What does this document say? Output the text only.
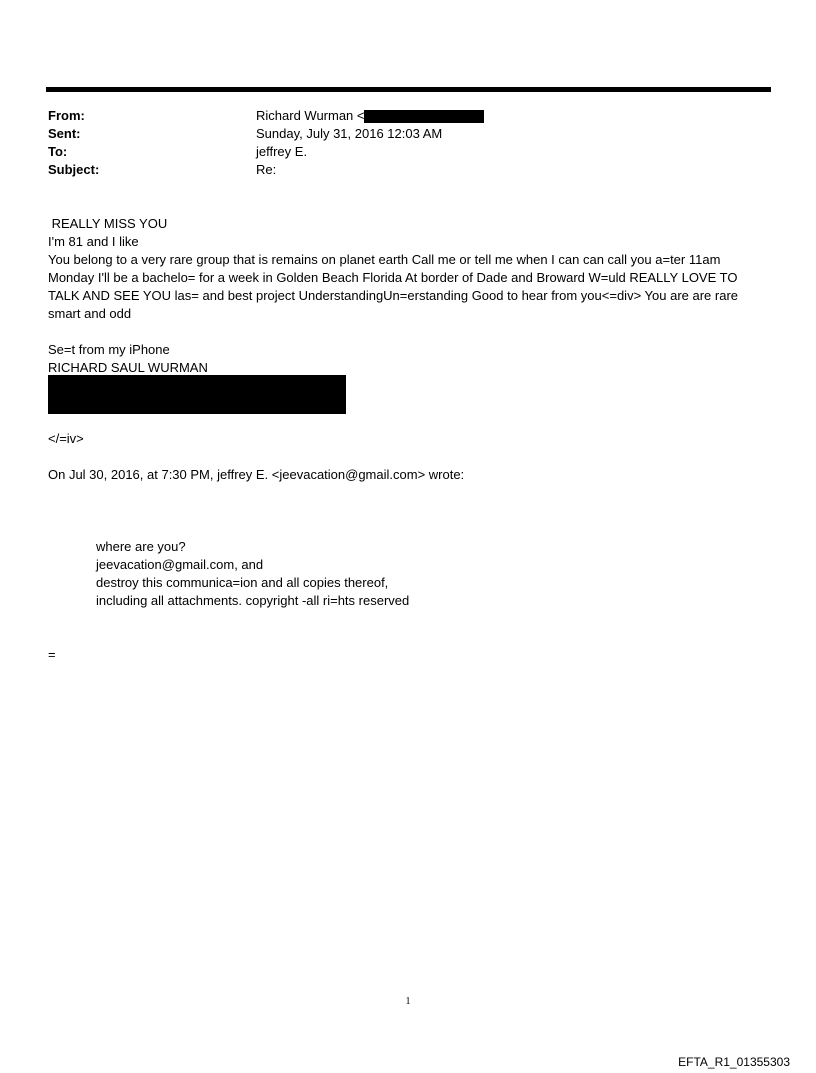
From:	Richard Wurman <
Sent:	Sunday, July 31, 2016 12:03 AM
To:	jeffrey E.
Subject:	Re:
REALLY MISS YOU
I'm 81 and I like
You belong to a very rare group that is remains on planet earth Call me or tell me when I can can call you a=ter 11am
Monday I'll be a bachelo= for a week in Golden Beach Florida At border of Dade and Broward W=uld REALLY LOVE TO
TALK AND SEE YOU las= and best project UnderstandingUn=erstanding Good to hear from you<=div> You are are rare
smart and odd
Se=t from my iPhone
RICHARD SAUL WURMAN
</=iv>
On Jul 30, 2016, at 7:30 PM, jeffrey E. <jeevacation@gmail.com> wrote:
where are you?
jeevacation@gmail.com, and
destroy this communica=ion and all copies thereof,
including all attachments. copyright -all ri=hts reserved
=
1
EFTA_R1_01355303
